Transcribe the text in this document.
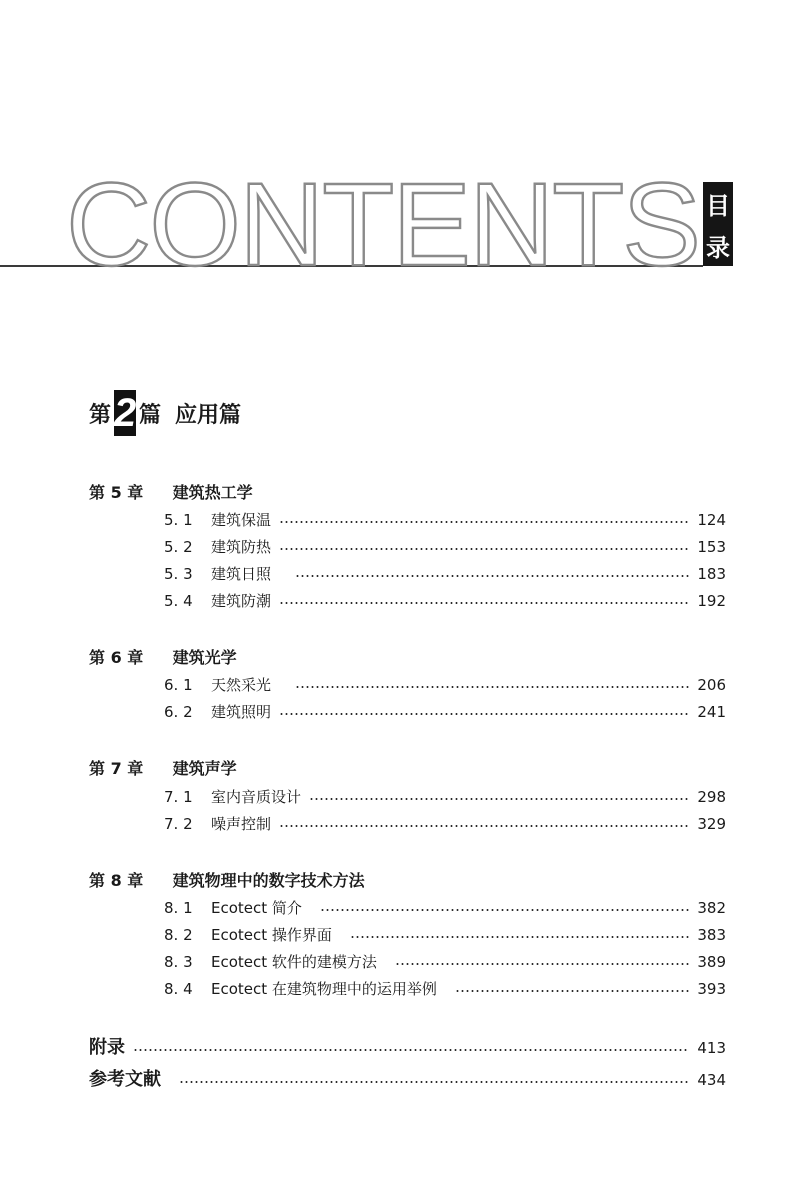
CONTENTS 目
录
第 2 篇 应用篇
第 5 章 建筑热工学
5. 1	建筑保温	124
5. 2	建筑防热	153
5. 3	建筑日照	183
5. 4	建筑防潮	192
第 6 章 建筑光学
6. 1	天然采光	206
6. 2	建筑照明	241
第 7 章 建筑声学
7. 1	室内音质设计	298
7. 2	噪声控制	329
第 8 章 建筑物理中的数字技术方法
8. 1	Ecotect 简介	382
8. 2	Ecotect 操作界面	383
8. 3	Ecotect 软件的建模方法	389
8. 4	Ecotect 在建筑物理中的运用举例	393
附录	413
参考文献	434
